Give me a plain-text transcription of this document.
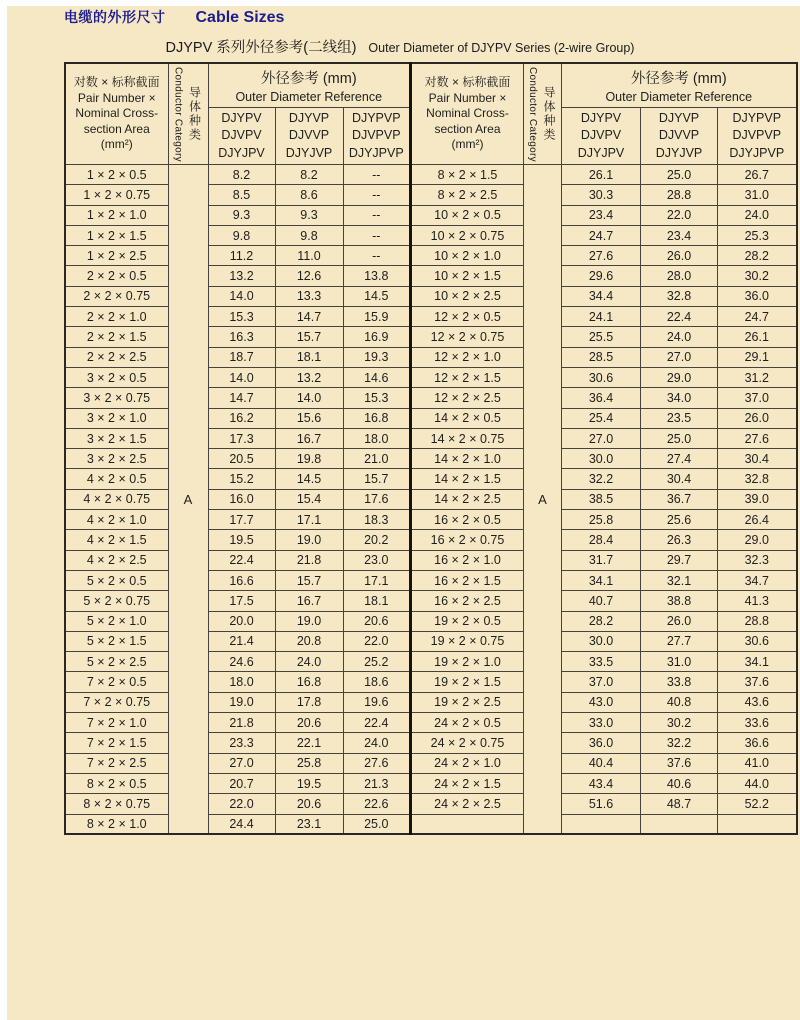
电缆的外形尺寸 Cable Sizes
DJYPV 系列外径参考(二线组) Outer Diameter of DJYPV Series (2-wire Group)
对数 × 标称截面
Pair Number ×
Nominal Cross-
section Area
(mm²)	Conductor Category 导体种类

外径参考 (mm)
Outer Diameter Reference

DJYPV
DJVPV
DJYJPV

DJYVP
DJVVP
DJYJVP

DJYPVP
DJVPVP
DJYJPVP

1 × 2 × 0.5	A	8.2	8.2	--
1 × 2 × 0.75		8.5	8.6	--
1 × 2 × 1.0		9.3	9.3	--
1 × 2 × 1.5		9.8	9.8	--
1 × 2 × 2.5		11.2	11.0	--
2 × 2 × 0.5		13.2	12.6	13.8
2 × 2 × 0.75		14.0	13.3	14.5
2 × 2 × 1.0		15.3	14.7	15.9
2 × 2 × 1.5		16.3	15.7	16.9
2 × 2 × 2.5		18.7	18.1	19.3
3 × 2 × 0.5		14.0	13.2	14.6
3 × 2 × 0.75		14.7	14.0	15.3
3 × 2 × 1.0		16.2	15.6	16.8
3 × 2 × 1.5		17.3	16.7	18.0
3 × 2 × 2.5		20.5	19.8	21.0
4 × 2 × 0.5		15.2	14.5	15.7
4 × 2 × 0.75		16.0	15.4	17.6
4 × 2 × 1.0		17.7	17.1	18.3
4 × 2 × 1.5		19.5	19.0	20.2
4 × 2 × 2.5		22.4	21.8	23.0
5 × 2 × 0.5		16.6	15.7	17.1
5 × 2 × 0.75		17.5	16.7	18.1
5 × 2 × 1.0		20.0	19.0	20.6
5 × 2 × 1.5		21.4	20.8	22.0
5 × 2 × 2.5		24.6	24.0	25.2
7 × 2 × 0.5		18.0	16.8	18.6
7 × 2 × 0.75		19.0	17.8	19.6
7 × 2 × 1.0		21.8	20.6	22.4
7 × 2 × 1.5		23.3	22.1	24.0
7 × 2 × 2.5		27.0	25.8	27.6
8 × 2 × 0.5		20.7	19.5	21.3
8 × 2 × 0.75		22.0	20.6	22.6
8 × 2 × 1.0		24.4	23.1	25.0
对数 × 标称截面
Pair Number ×
Nominal Cross-
section Area
(mm²)	Conductor Category 导体种类

外径参考 (mm)
Outer Diameter Reference

DJYPV
DJVPV
DJYJPV

DJYVP
DJVVP
DJYJVP

DJYPVP
DJVPVP
DJYJPVP

8 × 2 × 1.5	A	26.1	25.0	26.7
8 × 2 × 2.5		30.3	28.8	31.0
10 × 2 × 0.5		23.4	22.0	24.0
10 × 2 × 0.75		24.7	23.4	25.3
10 × 2 × 1.0		27.6	26.0	28.2
10 × 2 × 1.5		29.6	28.0	30.2
10 × 2 × 2.5		34.4	32.8	36.0
12 × 2 × 0.5		24.1	22.4	24.7
12 × 2 × 0.75		25.5	24.0	26.1
12 × 2 × 1.0		28.5	27.0	29.1
12 × 2 × 1.5		30.6	29.0	31.2
12 × 2 × 2.5		36.4	34.0	37.0
14 × 2 × 0.5		25.4	23.5	26.0
14 × 2 × 0.75		27.0	25.0	27.6
14 × 2 × 1.0		30.0	27.4	30.4
14 × 2 × 1.5		32.2	30.4	32.8
14 × 2 × 2.5		38.5	36.7	39.0
16 × 2 × 0.5		25.8	25.6	26.4
16 × 2 × 0.75		28.4	26.3	29.0
16 × 2 × 1.0		31.7	29.7	32.3
16 × 2 × 1.5		34.1	32.1	34.7
16 × 2 × 2.5		40.7	38.8	41.3
19 × 2 × 0.5		28.2	26.0	28.8
19 × 2 × 0.75		30.0	27.7	30.6
19 × 2 × 1.0		33.5	31.0	34.1
19 × 2 × 1.5		37.0	33.8	37.6
19 × 2 × 2.5		43.0	40.8	43.6
24 × 2 × 0.5		33.0	30.2	33.6
24 × 2 × 0.75		36.0	32.2	36.6
24 × 2 × 1.0		40.4	37.6	41.0
24 × 2 × 1.5		43.4	40.6	44.0
24 × 2 × 2.5		51.6	48.7	52.2
